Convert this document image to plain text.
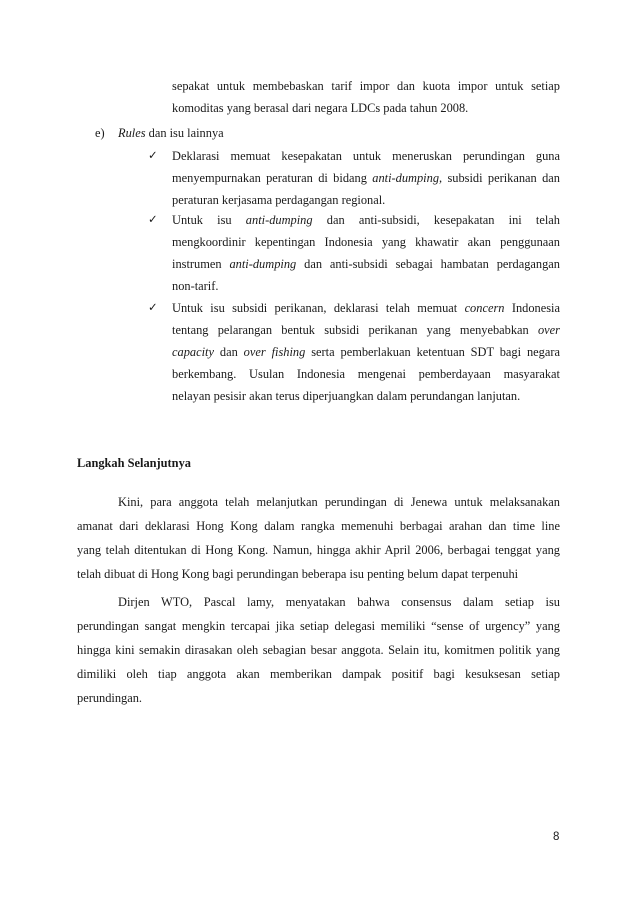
sepakat untuk membebaskan tarif impor dan kuota impor untuk setiap
komoditas yang berasal dari negara LDCs pada tahun 2008.
e) Rules dan isu lainnya
✓	Deklarasi memuat kesepakatan untuk meneruskan perundingan guna
menyempurnakan peraturan di bidang anti-dumping, subsidi perikanan dan
peraturan kerjasama perdagangan regional.
✓	Untuk isu anti-dumping dan anti-subsidi, kesepakatan ini telah
mengkoordinir kepentingan Indonesia yang khawatir akan penggunaan
instrumen anti-dumping dan anti-subsidi sebagai hambatan perdagangan
non-tarif.
✓	Untuk isu subsidi perikanan, deklarasi telah memuat concern Indonesia
tentang pelarangan bentuk subsidi perikanan yang menyebabkan over
capacity dan over fishing serta pemberlakuan ketentuan SDT bagi negara
berkembang. Usulan Indonesia mengenai pemberdayaan masyarakat
nelayan pesisir akan terus diperjuangkan dalam perundangan lanjutan.
Langkah Selanjutnya
Kini, para anggota telah melanjutkan perundingan di Jenewa untuk melaksanakan
amanat dari deklarasi Hong Kong dalam rangka memenuhi berbagai arahan dan time line
yang telah ditentukan di Hong Kong. Namun, hingga akhir April 2006, berbagai tenggat yang
telah dibuat di Hong Kong bagi perundingan beberapa isu penting belum dapat terpenuhi
Dirjen WTO, Pascal lamy, menyatakan bahwa consensus dalam setiap isu
perundingan sangat mengkin tercapai jika setiap delegasi memiliki “sense of urgency” yang
hingga kini semakin dirasakan oleh sebagian besar anggota. Selain itu, komitmen politik yang
dimiliki oleh tiap anggota akan memberikan dampak positif bagi kesuksesan setiap
perundingan.
8
